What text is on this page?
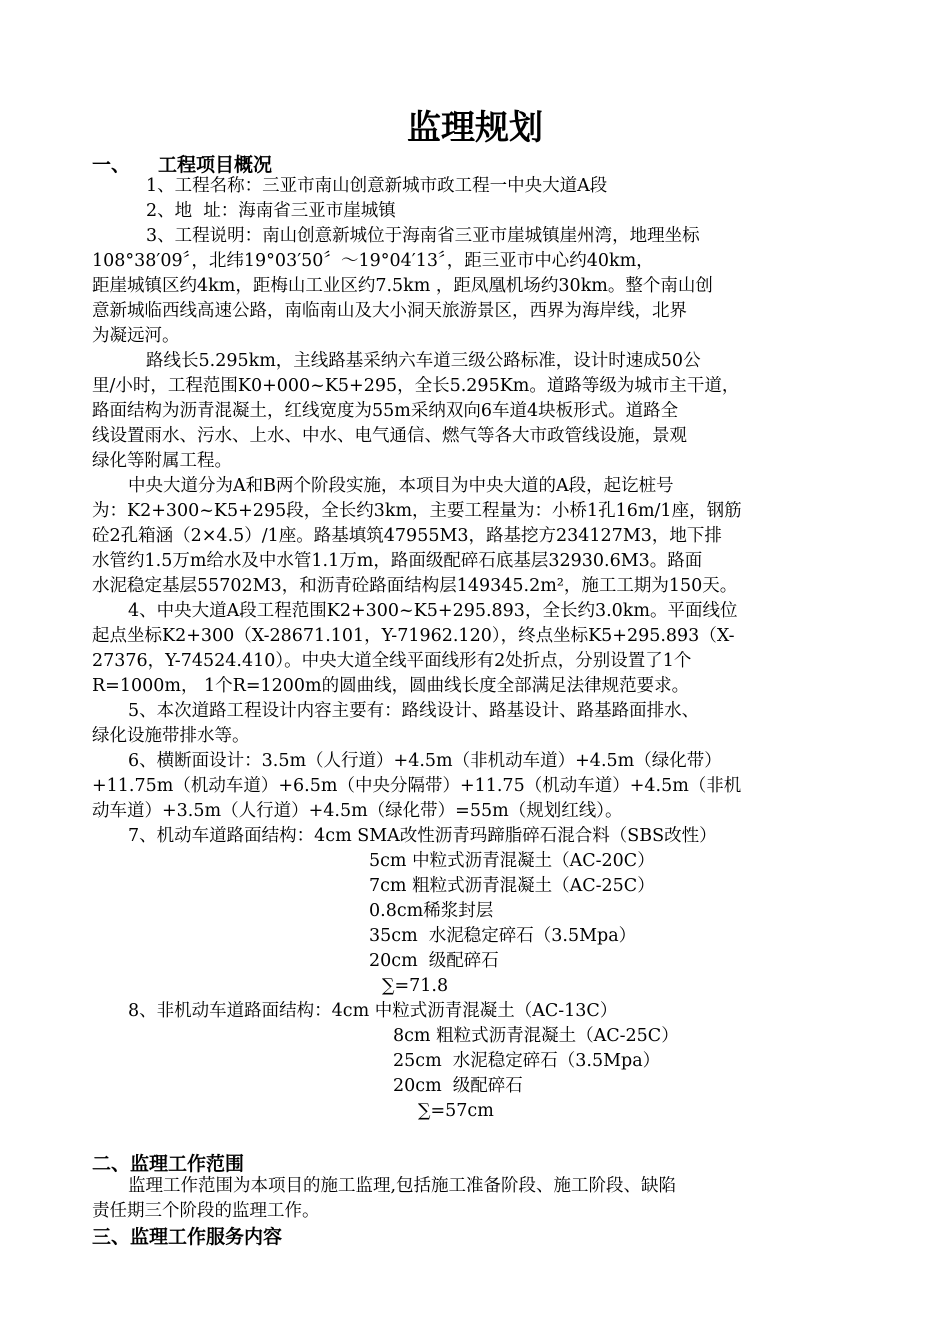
监理规划
一、 工程项目概况
1、工程名称：三亚市南山创意新城市政工程一中央大道A段
2、地  址：海南省三亚市崖城镇
3、工程说明：南山创意新城位于海南省三亚市崖城镇崖州湾，地理坐标
108°38′09〞，北纬19°03′50〞～19°04′13〞，距三亚市中心约40km，
距崖城镇区约4km，距梅山工业区约7.5km ，距凤凰机场约30km。整个南山创
意新城临西线高速公路，南临南山及大小洞天旅游景区，西界为海岸线，北界
为凝远河。
路线长5.295km，主线路基采纳六车道三级公路标准，设计时速成50公
里/小时，工程范围K0+000~K5+295，全长5.295Km。道路等级为城市主干道，
路面结构为沥青混凝土，红线宽度为55m采纳双向6车道4块板形式。道路全
线设置雨水、污水、上水、中水、电气通信、燃气等各大市政管线设施，景观
绿化等附属工程。
中央大道分为A和B两个阶段实施，本项目为中央大道的A段，起讫桩号
为：K2+300~K5+295段，全长约3km，主要工程量为：小桥1孔16m/1座，钢筋
砼2孔箱涵（2×4.5）/1座。路基填筑47955M3，路基挖方234127M3，地下排
水管约1.5万m给水及中水管1.1万m，路面级配碎石底基层32930.6M3。路面
水泥稳定基层55702M3，和沥青砼路面结构层149345.2m²，施工工期为150天。
4、中央大道A段工程范围K2+300~K5+295.893，全长约3.0km。平面线位
起点坐标K2+300（X-28671.101，Y-71962.120），终点坐标K5+295.893（X-
27376，Y-74524.410）。中央大道全线平面线形有2处折点，分别设置了1个
R=1000m， 1个R=1200m的圆曲线，圆曲线长度全部满足法律规范要求。
5、本次道路工程设计内容主要有：路线设计、路基设计、路基路面排水、
绿化设施带排水等。
6、横断面设计：3.5m（人行道）+4.5m（非机动车道）+4.5m（绿化带）
+11.75m（机动车道）+6.5m（中央分隔带）+11.75（机动车道）+4.5m（非机
动车道）+3.5m（人行道）+4.5m（绿化带）=55m（规划红线）。
7、机动车道路面结构：4cm SMA改性沥青玛蹄脂碎石混合料（SBS改性）
5cm 中粒式沥青混凝土（AC-20C）
7cm 粗粒式沥青混凝土（AC-25C）
0.8cm稀浆封层
35cm  水泥稳定碎石（3.5Mpa）
20cm  级配碎石
∑=71.8
8、非机动车道路面结构：4cm 中粒式沥青混凝土（AC-13C）
8cm 粗粒式沥青混凝土（AC-25C）
25cm  水泥稳定碎石（3.5Mpa）
20cm  级配碎石
∑=57cm
二、监理工作范围
监理工作范围为本项目的施工监理,包括施工准备阶段、施工阶段、缺陷
责任期三个阶段的监理工作。
三、监理工作服务内容
